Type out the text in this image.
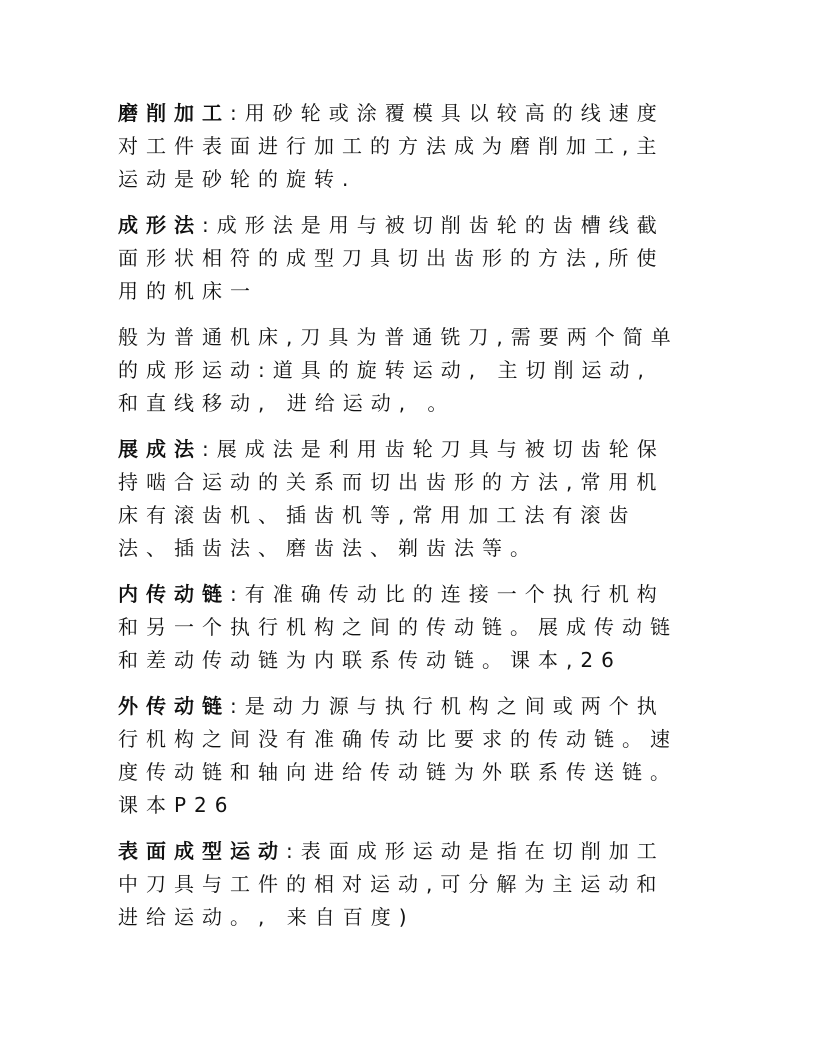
磨削加工:用砂轮或涂覆模具以较高的线速度
对工件表面进行加工的方法成为磨削加工,主
运动是砂轮的旋转.

成形法:成形法是用与被切削齿轮的齿槽线截
面形状相符的成型刀具切出齿形的方法,所使
用的机床一

般为普通机床,刀具为普通铣刀,需要两个简单
的成形运动:道具的旋转运动, 主切削运动,
和直线移动, 进给运动, 。

展成法:展成法是利用齿轮刀具与被切齿轮保
持啮合运动的关系而切出齿形的方法,常用机
床有滚齿机、插齿机等,常用加工法有滚齿
法、插齿法、磨齿法、剃齿法等。

内传动链:有准确传动比的连接一个执行机构
和另一个执行机构之间的传动链。展成传动链
和差动传动链为内联系传动链。课本,26

外传动链:是动力源与执行机构之间或两个执
行机构之间没有准确传动比要求的传动链。速
度传动链和轴向进给传动链为外联系传送链。
课本P26

表面成型运动:表面成形运动是指在切削加工
中刀具与工件的相对运动,可分解为主运动和
进给运动。, 来自百度)
